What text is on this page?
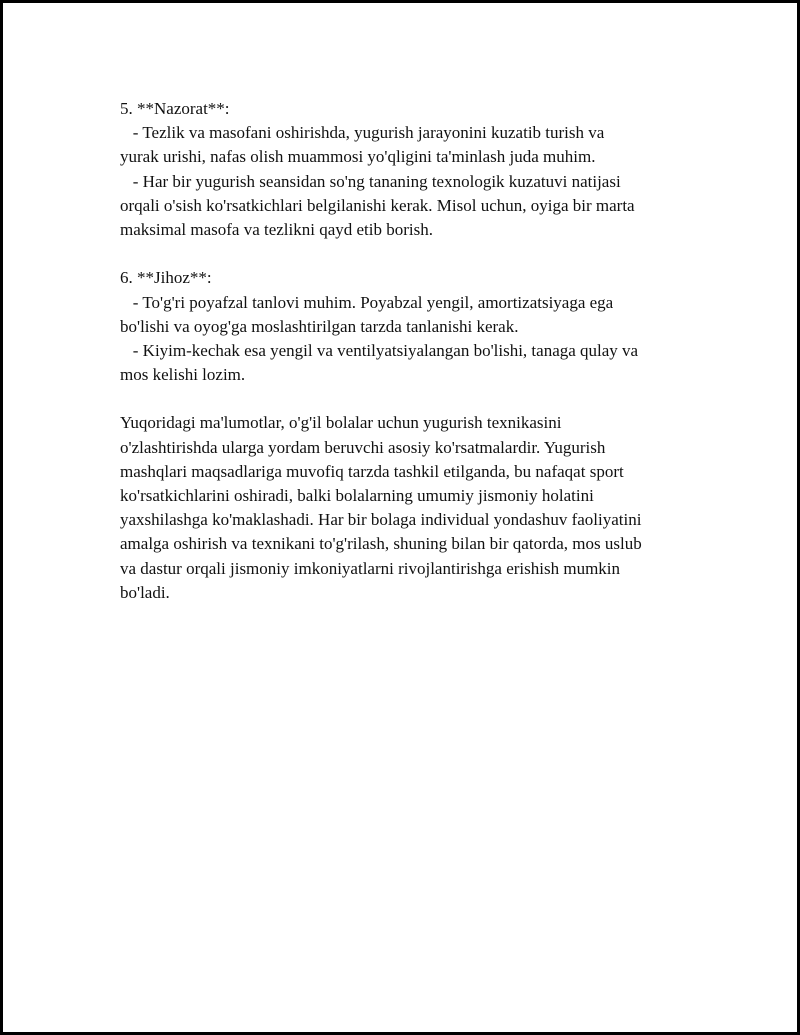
5. **Nazorat**:
- Tezlik va masofani oshirishda, yugurish jarayonini kuzatib turish va
yurak urishi, nafas olish muammosi yo'qligini ta'minlash juda muhim.
- Har bir yugurish seansidan so'ng tananing texnologik kuzatuvi natijasi
orqali o'sish ko'rsatkichlari belgilanishi kerak. Misol uchun, oyiga bir marta
maksimal masofa va tezlikni qayd etib borish.
6. **Jihoz**:
- To'g'ri poyafzal tanlovi muhim. Poyabzal yengil, amortizatsiyaga ega
bo'lishi va oyog'ga moslashtirilgan tarzda tanlanishi kerak.
- Kiyim-kechak esa yengil va ventilyatsiyalangan bo'lishi, tanaga qulay va
mos kelishi lozim.
Yuqoridagi ma'lumotlar, o'g'il bolalar uchun yugurish texnikasini
o'zlashtirishda ularga yordam beruvchi asosiy ko'rsatmalardir. Yugurish
mashqlari maqsadlariga muvofiq tarzda tashkil etilganda, bu nafaqat sport
ko'rsatkichlarini oshiradi, balki bolalarning umumiy jismoniy holatini
yaxshilashga ko'maklashadi. Har bir bolaga individual yondashuv faoliyatini
amalga oshirish va texnikani to'g'rilash, shuning bilan bir qatorda, mos uslub
va dastur orqali jismoniy imkoniyatlarni rivojlantirishga erishish mumkin
bo'ladi.
